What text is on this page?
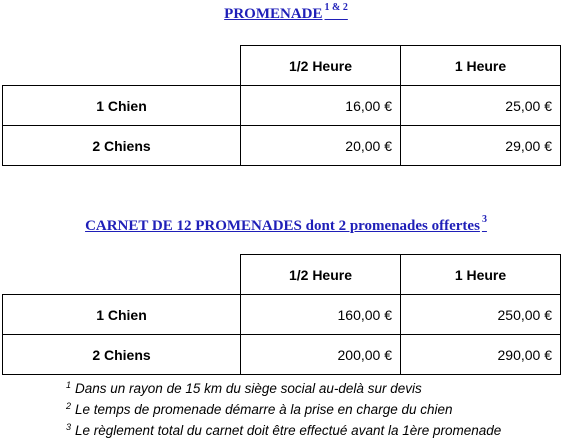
PROMENADE $^{1 \& 2}$
	1/2 Heure	1 Heure
1 Chien	16,00 €	25,00 €
2 Chiens	20,00 €	29,00 €
CARNET DE 12 PROMENADES dont 2 promenades offertes $^3$
	1/2 Heure	1 Heure
1 Chien	160,00 €	250,00 €
2 Chiens	200,00 €	290,00 €
$^1$ Dans un rayon de 15 km du siège social au-delà sur devis
$^2$ Le temps de promenade démarre à la prise en charge du chien
$^3$ Le règlement total du carnet doit être effectué avant la 1ère promenade
